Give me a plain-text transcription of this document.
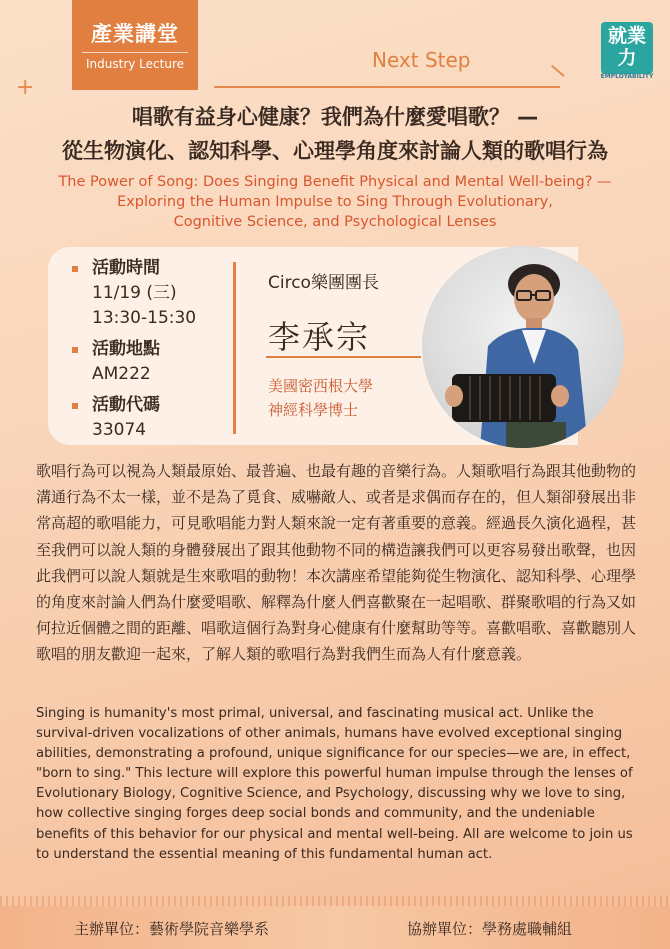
產業講堂
Industry Lecture
+
Next Step
就業
力
EMPLOYABILITY
唱歌有益身心健康？我們為什麼愛唱歌？ —
從生物演化、認知科學、心理學角度來討論人類的歌唱行為
The Power of Song: Does Singing Benefit Physical and Mental Well-being? —
Exploring the Human Impulse to Sing Through Evolutionary,
Cognitive Science, and Psychological Lenses
活動時間
11/19 (三)
13:30-15:30
活動地點
AM222
活動代碼
33074
Circo樂團團長
李承宗
美國密西根大學
神經科學博士
歌唱行為可以視為人類最原始、最普遍、也最有趣的音樂行為。人類歌唱行為跟其他動物的溝通行為不太一樣，並不是為了覓食、威嚇敵人、或者是求偶而存在的，但人類卻發展出非常高超的歌唱能力，可見歌唱能力對人類來說一定有著重要的意義。經過長久演化過程，甚至我們可以說人類的身體發展出了跟其他動物不同的構造讓我們可以更容易發出歌聲，也因此我們可以說人類就是生來歌唱的動物！本次講座希望能夠從生物演化、認知科學、心理學的角度來討論人們為什麼愛唱歌、解釋為什麼人們喜歡聚在一起唱歌、群聚歌唱的行為又如何拉近個體之間的距離、唱歌這個行為對身心健康有什麼幫助等等。喜歡唱歌、喜歡聽別人歌唱的朋友歡迎一起來，了解人類的歌唱行為對我們生而為人有什麼意義。
Singing is humanity's most primal, universal, and fascinating musical act. Unlike the survival-driven vocalizations of other animals, humans have evolved exceptional singing abilities, demonstrating a profound, unique significance for our species—we are, in effect, "born to sing." This lecture will explore this powerful human impulse through the lenses of Evolutionary Biology, Cognitive Science, and Psychology, discussing why we love to sing, how collective singing forges deep social bonds and community, and the undeniable benefits of this behavior for our physical and mental well-being. All are welcome to join us to understand the essential meaning of this fundamental human act.
主辦單位：藝術學院音樂學系	協辦單位：學務處職輔組
